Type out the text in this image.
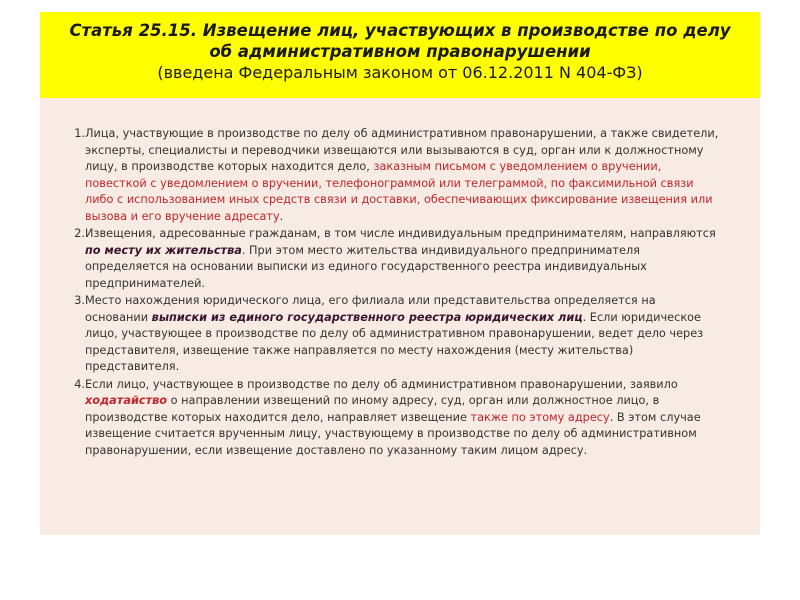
Статья 25.15. Извещение лиц, участвующих в производстве по делу об административном правонарушении
(введена Федеральным законом от 06.12.2011 N 404-ФЗ)

1.Лица, участвующие в производстве по делу об административном правонарушении, а также свидетели, эксперты, специалисты и переводчики извещаются или вызываются в суд, орган или к должностному лицу, в производстве которых находится дело, заказным письмом с уведомлением о вручении, повесткой с уведомлением о вручении, телефонограммой или телеграммой, по факсимильной связи либо с использованием иных средств связи и доставки, обеспечивающих фиксирование извещения или вызова и его вручение адресату.

2.Извещения, адресованные гражданам, в том числе индивидуальным предпринимателям, направляются по месту их жительства. При этом место жительства индивидуального предпринимателя определяется на основании выписки из единого государственного реестра индивидуальных предпринимателей.

3.Место нахождения юридического лица, его филиала или представительства определяется на основании выписки из единого государственного реестра юридических лиц. Если юридическое лицо, участвующее в производстве по делу об административном правонарушении, ведет дело через представителя, извещение также направляется по месту нахождения (месту жительства) представителя.

4.Если лицо, участвующее в производстве по делу об административном правонарушении, заявило ходатайство о направлении извещений по иному адресу, суд, орган или должностное лицо, в производстве которых находится дело, направляет извещение также по этому адресу. В этом случае извещение считается врученным лицу, участвующему в производстве по делу об административном правонарушении, если извещение доставлено по указанному таким лицом адресу.
